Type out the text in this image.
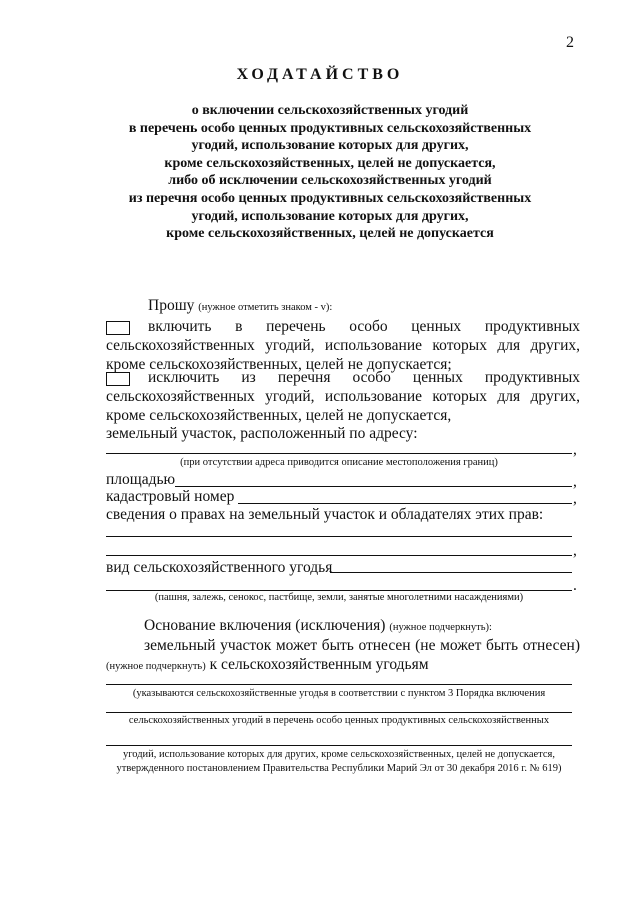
2
ХОДАТАЙСТВО
о включении сельскохозяйственных угодий
в перечень особо ценных продуктивных сельскохозяйственных
угодий, использование которых для других,
кроме сельскохозяйственных, целей не допускается,
либо об исключении сельскохозяйственных угодий
из перечня особо ценных продуктивных сельскохозяйственных
угодий, использование которых для других,
кроме сельскохозяйственных, целей не допускается
Прошу (нужное отметить знаком - v):
включить в перечень особо ценных продуктивных
сельскохозяйственных угодий, использование которых для других,
кроме сельскохозяйственных, целей не допускается;
исключить из перечня особо ценных продуктивных
сельскохозяйственных угодий, использование которых для других,
кроме сельскохозяйственных, целей не допускается,
земельный участок, расположенный по адресу:
,
(при отсутствии адреса приводится описание местоположения границ)
площадью	,
кадастровый номер	,
сведения о правах на земельный участок и обладателях этих прав:
,
вид сельскохозяйственного угодья
.
(пашня, залежь, сенокос, пастбище, земли, занятые многолетними насаждениями)
Основание включения (исключения) (нужное подчеркнуть):
земельный участок может быть отнесен (не может быть отнесен)
(нужное подчеркнуть) к сельскохозяйственным угодьям
(указываются сельскохозяйственные угодья в соответствии с пунктом 3 Порядка включения
сельскохозяйственных угодий в перечень особо ценных продуктивных сельскохозяйственных
угодий, использование которых для других, кроме сельскохозяйственных, целей не допускается,
утвержденного постановлением Правительства Республики Марий Эл от 30 декабря 2016 г. № 619)
